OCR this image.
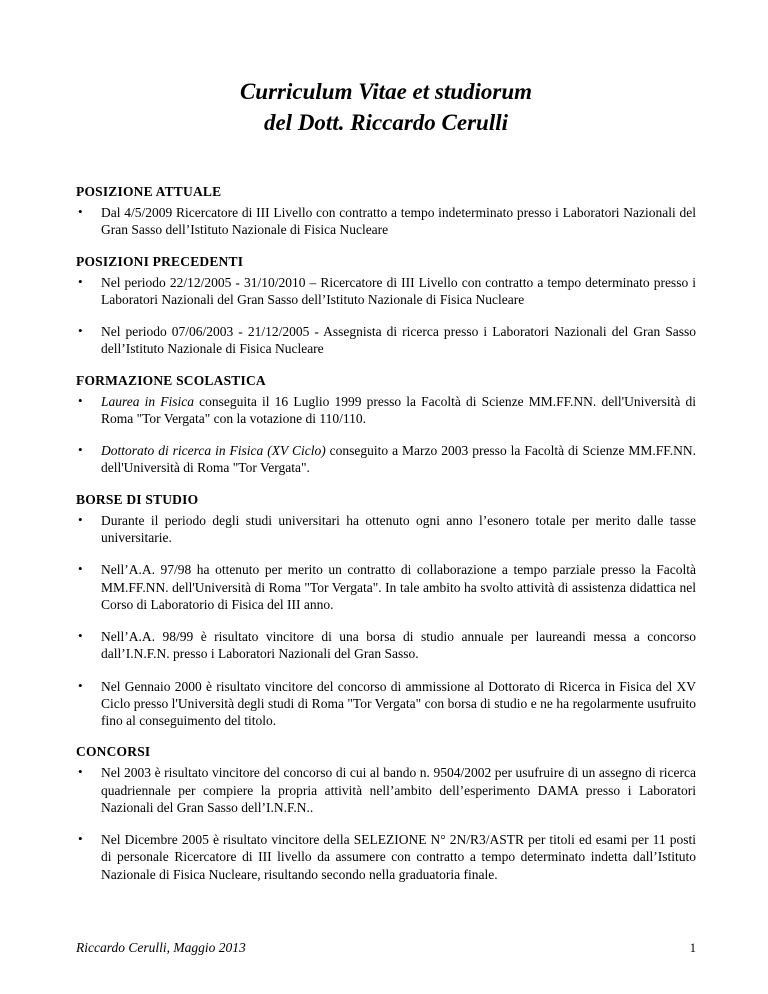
Curriculum Vitae et studiorum
del Dott. Riccardo Cerulli
POSIZIONE ATTUALE
• Dal 4/5/2009 Ricercatore di III Livello con contratto a tempo indeterminato presso i Laboratori Nazionali del Gran Sasso dell’Istituto Nazionale di Fisica Nucleare
POSIZIONI PRECEDENTI
• Nel periodo 22/12/2005 - 31/10/2010 – Ricercatore di III Livello con contratto a tempo determinato presso i Laboratori Nazionali del Gran Sasso dell’Istituto Nazionale di Fisica Nucleare
• Nel periodo 07/06/2003 - 21/12/2005 - Assegnista di ricerca presso i Laboratori Nazionali del Gran Sasso dell’Istituto Nazionale di Fisica Nucleare
FORMAZIONE SCOLASTICA
• Laurea in Fisica conseguita il 16 Luglio 1999 presso la Facoltà di Scienze MM.FF.NN. dell'Università di Roma "Tor Vergata" con la votazione di 110/110.
• Dottorato di ricerca in Fisica (XV Ciclo) conseguito a Marzo 2003 presso la Facoltà di Scienze MM.FF.NN. dell'Università di Roma "Tor Vergata".
BORSE DI STUDIO
• Durante il periodo degli studi universitari ha ottenuto ogni anno l’esonero totale per merito dalle tasse universitarie.
• Nell’A.A. 97/98 ha ottenuto per merito un contratto di collaborazione a tempo parziale presso la Facoltà MM.FF.NN. dell'Università di Roma "Tor Vergata". In tale ambito ha svolto attività di assistenza didattica nel Corso di Laboratorio di Fisica del III anno.
• Nell’A.A. 98/99 è risultato vincitore di una borsa di studio annuale per laureandi messa a concorso dall’I.N.F.N. presso i Laboratori Nazionali del Gran Sasso.
• Nel Gennaio 2000 è risultato vincitore del concorso di ammissione al Dottorato di Ricerca in Fisica del XV Ciclo presso l'Università degli studi di Roma "Tor Vergata" con borsa di studio e ne ha regolarmente usufruito fino al conseguimento del titolo.
CONCORSI
• Nel 2003 è risultato vincitore del concorso di cui al bando n. 9504/2002 per usufruire di un assegno di ricerca quadriennale per compiere la propria attività nell’ambito dell’esperimento DAMA presso i Laboratori Nazionali del Gran Sasso dell’I.N.F.N..
• Nel Dicembre 2005 è risultato vincitore della SELEZIONE N° 2N/R3/ASTR per titoli ed esami per 11 posti di personale Ricercatore di III livello da assumere con contratto a tempo determinato indetta dall’Istituto Nazionale di Fisica Nucleare, risultando secondo nella graduatoria finale.
Riccardo Cerulli, Maggio 2013	1
